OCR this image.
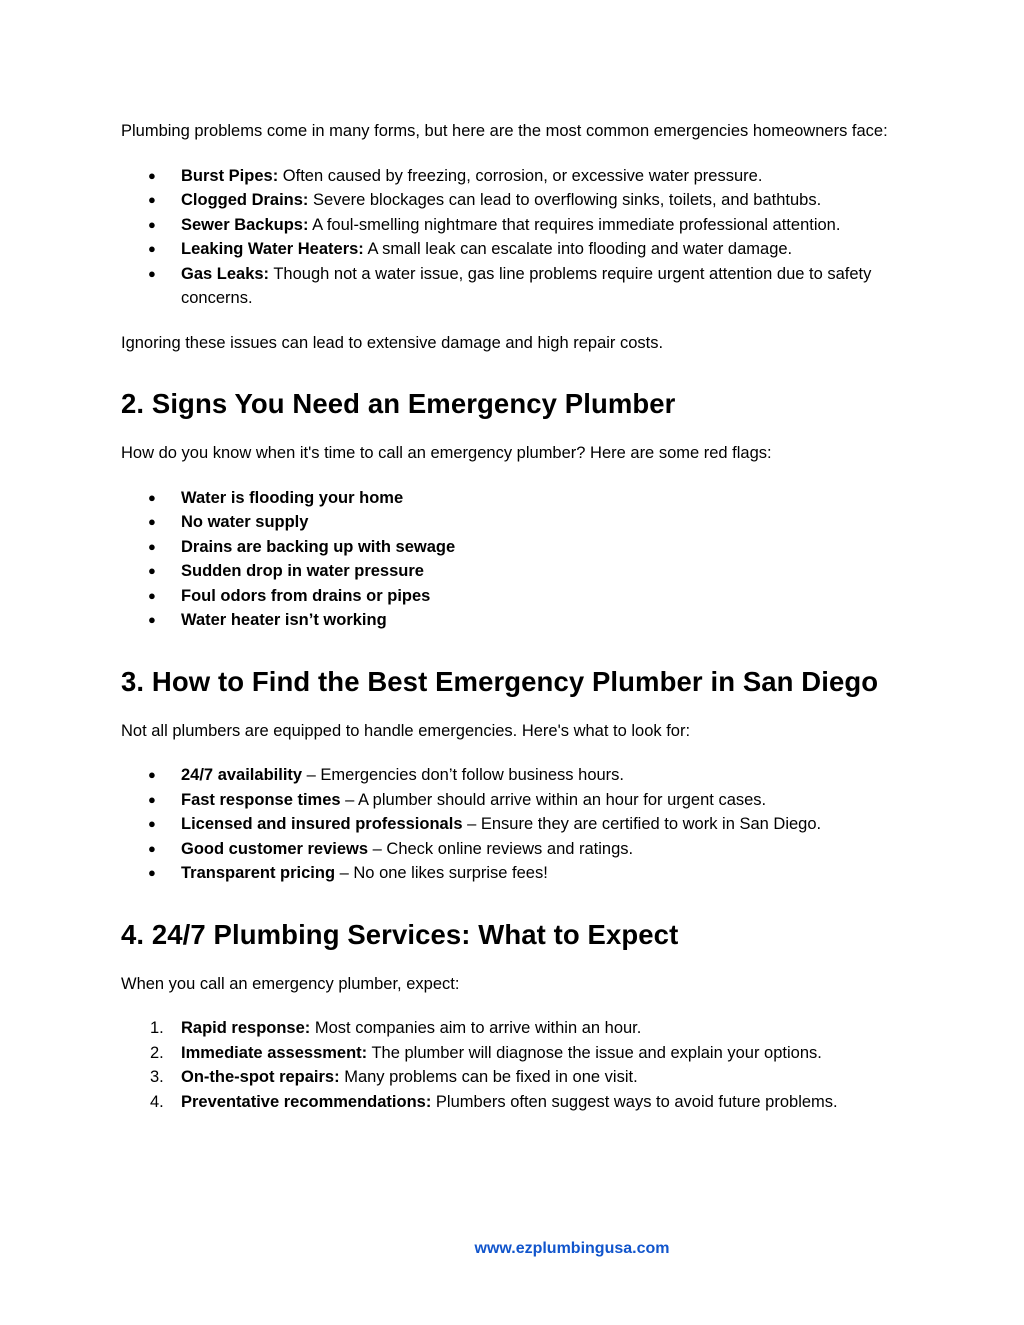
Plumbing problems come in many forms, but here are the most common emergencies homeowners face:

● Burst Pipes: Often caused by freezing, corrosion, or excessive water pressure.
● Clogged Drains: Severe blockages can lead to overflowing sinks, toilets, and bathtubs.
● Sewer Backups: A foul-smelling nightmare that requires immediate professional attention.
● Leaking Water Heaters: A small leak can escalate into flooding and water damage.
● Gas Leaks: Though not a water issue, gas line problems require urgent attention due to safety concerns.

Ignoring these issues can lead to extensive damage and high repair costs.

2. Signs You Need an Emergency Plumber

How do you know when it's time to call an emergency plumber? Here are some red flags:

● Water is flooding your home
● No water supply
● Drains are backing up with sewage
● Sudden drop in water pressure
● Foul odors from drains or pipes
● Water heater isn’t working
3. How to Find the Best Emergency Plumber in San Diego

Not all plumbers are equipped to handle emergencies. Here's what to look for:

● 24/7 availability – Emergencies don’t follow business hours.
● Fast response times – A plumber should arrive within an hour for urgent cases.
● Licensed and insured professionals – Ensure they are certified to work in San Diego.
● Good customer reviews – Check online reviews and ratings.
● Transparent pricing – No one likes surprise fees!
4. 24/7 Plumbing Services: What to Expect

When you call an emergency plumber, expect:

1. Rapid response: Most companies aim to arrive within an hour.
2. Immediate assessment: The plumber will diagnose the issue and explain your options.
3. On-the-spot repairs: Many problems can be fixed in one visit.
4. Preventative recommendations: Plumbers often suggest ways to avoid future problems.
www.ezplumbingusa.com
